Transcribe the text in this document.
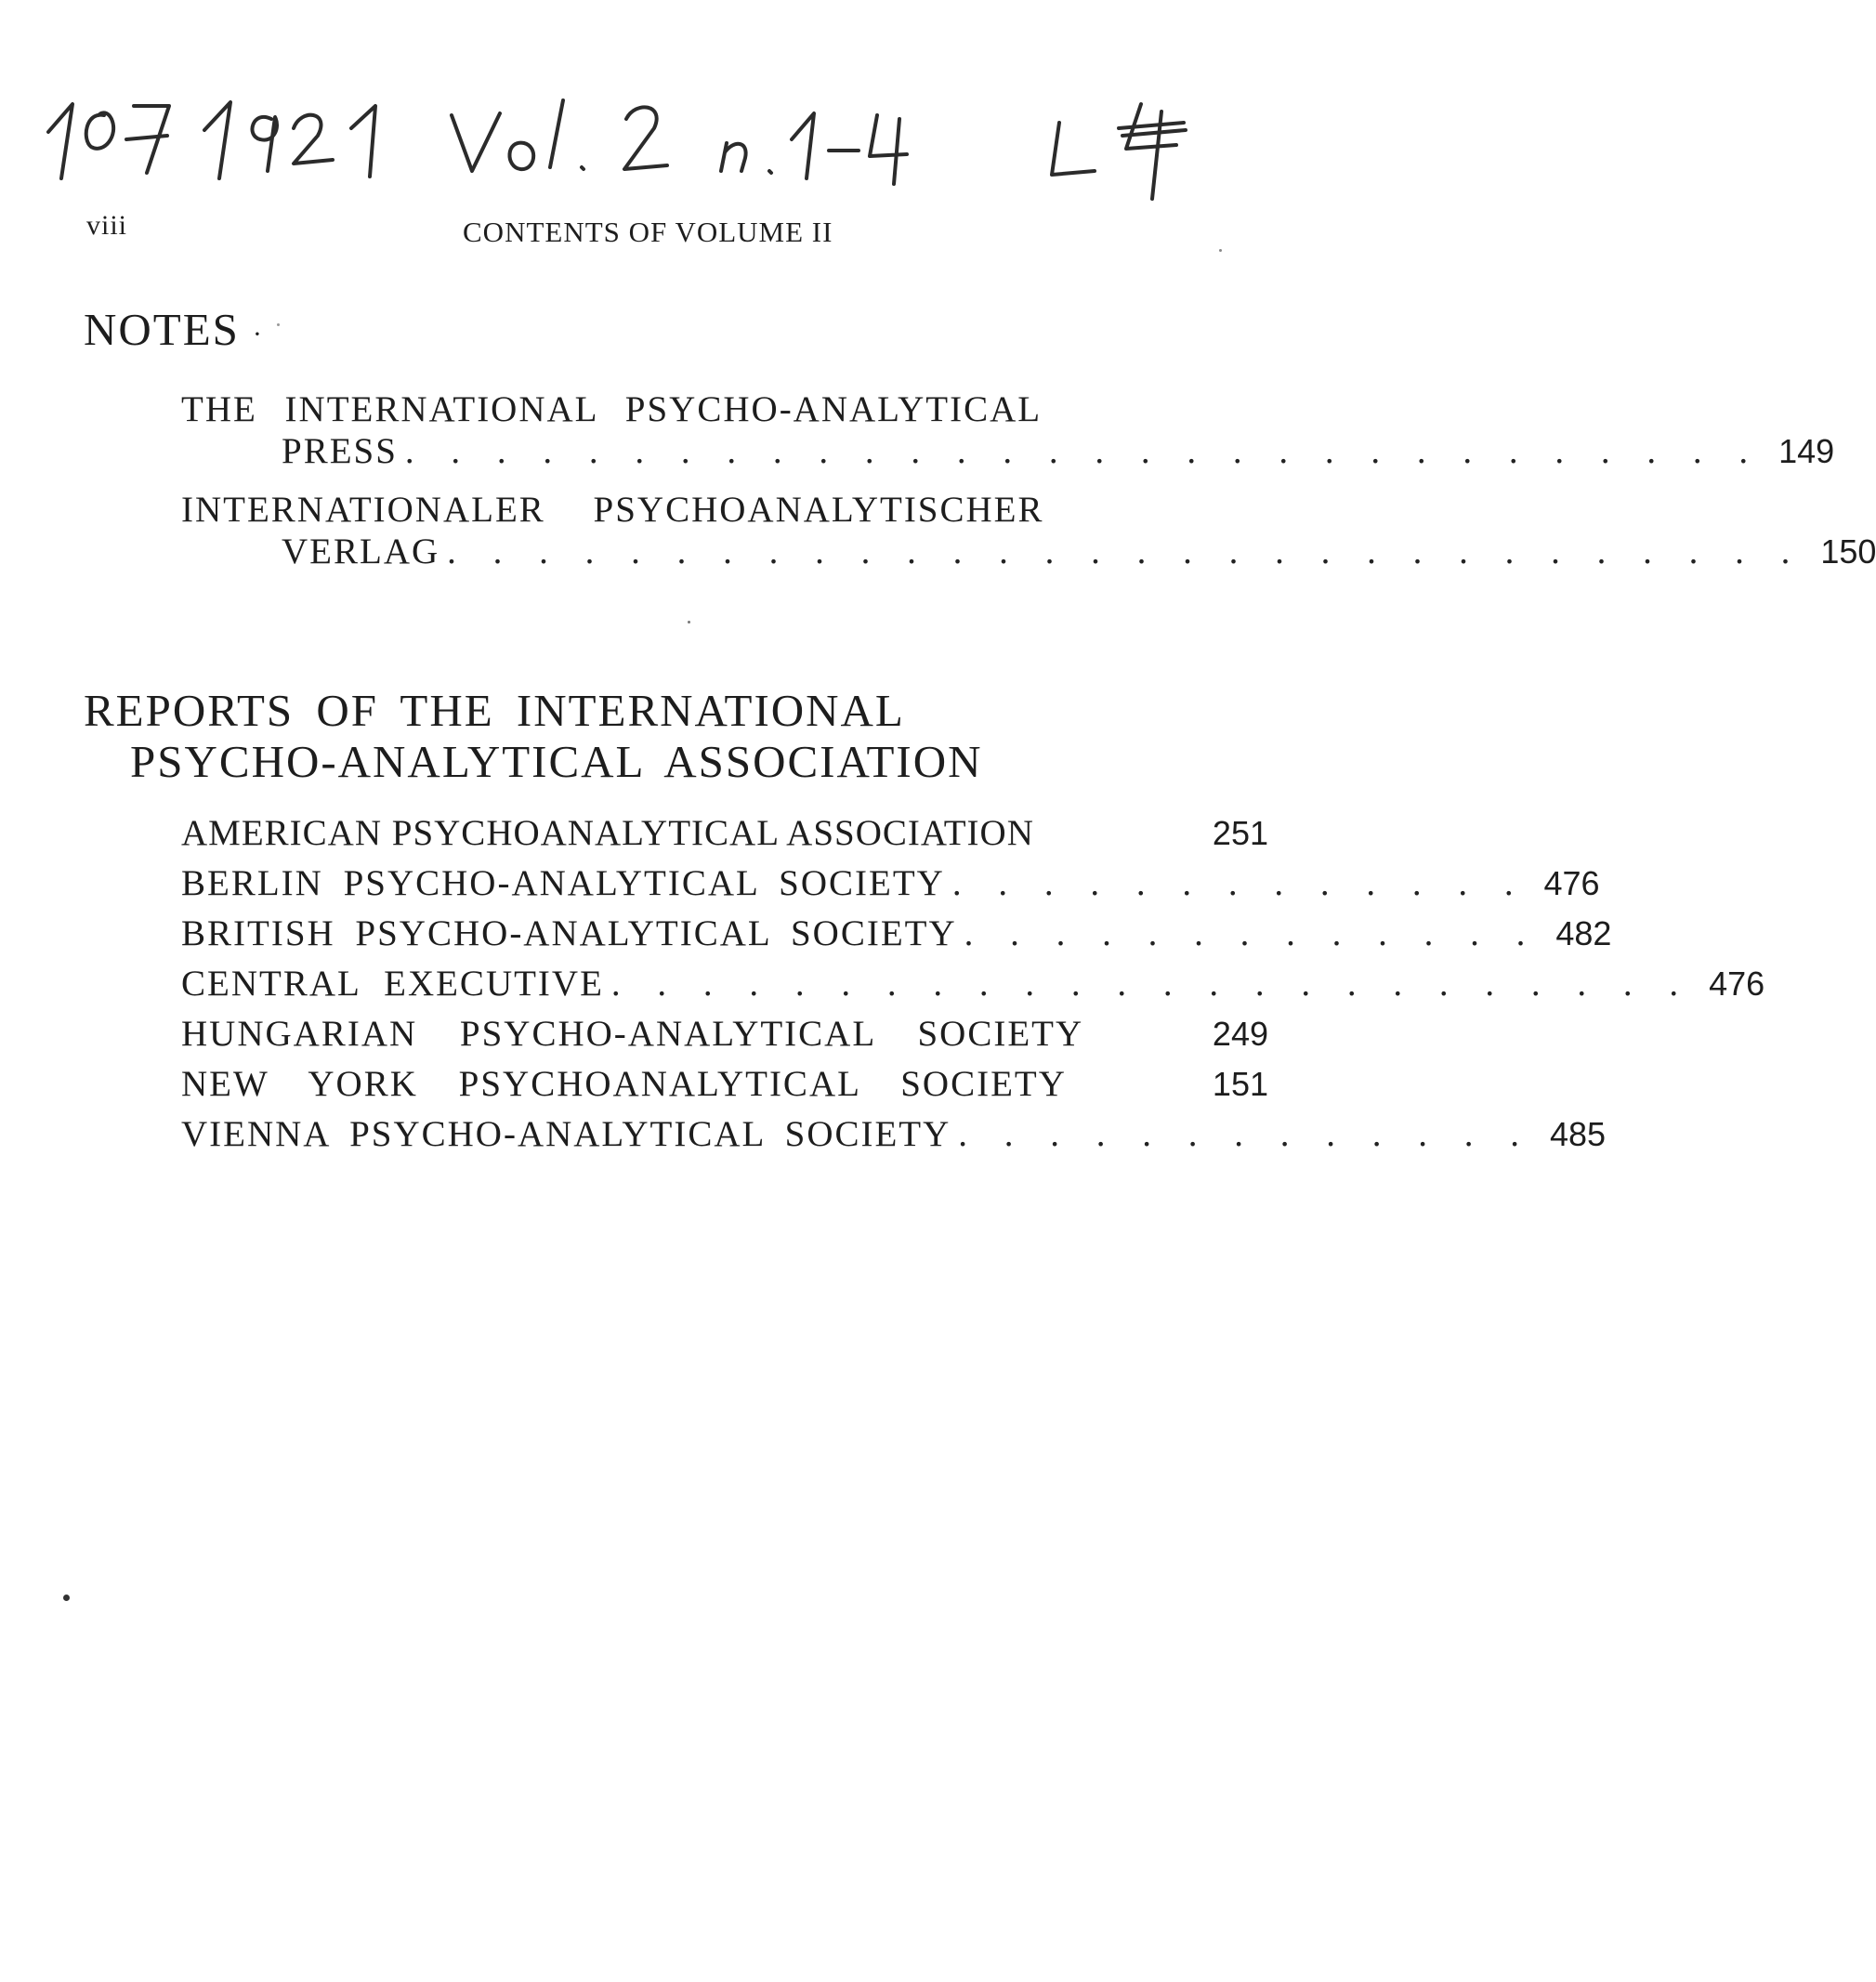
viii	CONTENTS OF VOLUME II
NOTES ·
THE INTERNATIONAL PSYCHO-ANALYTICAL
PRESS . . . . . . . . . . . . . . . . . . . . . . . . . . . . . . 149
INTERNATIONALER PSYCHOANALYTISCHER
VERLAG . . . . . . . . . . . . . . . . . . . . . . . . . . . . . . 150
REPORTS OF THE INTERNATIONAL
PSYCHO-ANALYTICAL ASSOCIATION
AMERICAN PSYCHOANALYTICAL ASSOCIATION	251
BERLIN PSYCHO-ANALYTICAL SOCIETY . . . . . . . . . . . . . 476
BRITISH PSYCHO-ANALYTICAL SOCIETY . . . . . . . . . . . . . 482
CENTRAL EXECUTIVE . . . . . . . . . . . . . . . . . . . . . . . . 476
HUNGARIAN PSYCHO-ANALYTICAL SOCIETY	249
NEW YORK PSYCHOANALYTICAL SOCIETY	151
VIENNA PSYCHO-ANALYTICAL SOCIETY . . . . . . . . . . . . . 485
